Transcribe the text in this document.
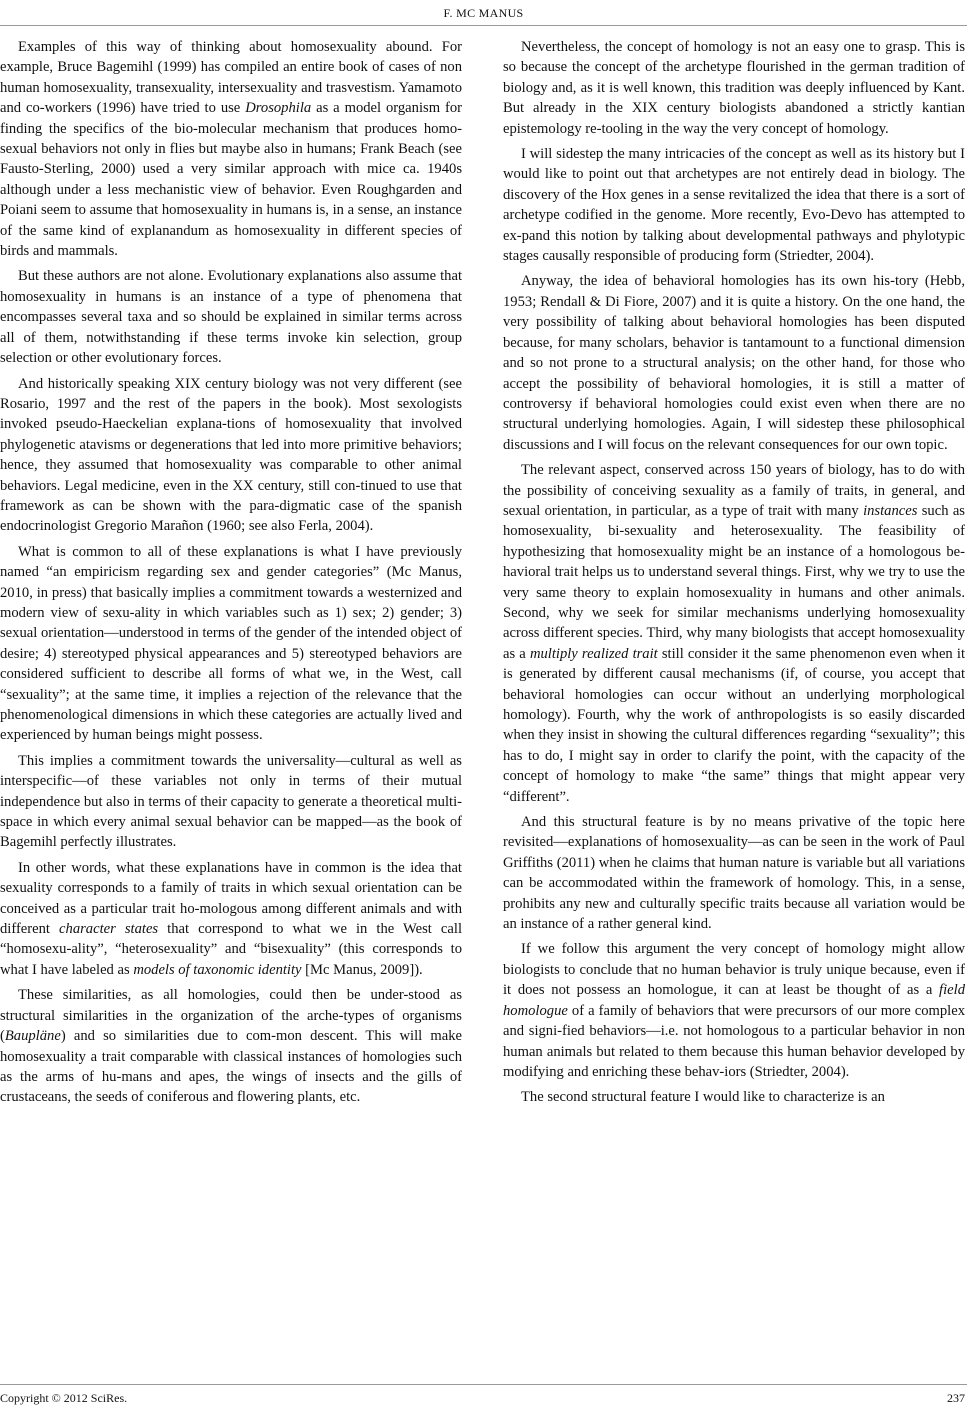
F. MC MANUS

Examples of this way of thinking about homosexuality abound. For example, Bruce Bagemihl (1999) has compiled an entire book of cases of non human homosexuality, transexuality, intersexuality and trasvestism. Yamamoto and co-workers (1996) have tried to use Drosophila as a model organism for finding the specifics of the bio-molecular mechanism that produces homo-sexual behaviors not only in flies but maybe also in humans; Frank Beach (see Fausto-Sterling, 2000) used a very similar approach with mice ca. 1940s although under a less mechanistic view of behavior. Even Roughgarden and Poiani seem to assume that homosexuality in humans is, in a sense, an instance of the same kind of explanandum as homosexuality in different species of birds and mammals.

But these authors are not alone. Evolutionary explanations also assume that homosexuality in humans is an instance of a type of phenomena that encompasses several taxa and so should be explained in similar terms across all of them, notwithstanding if these terms invoke kin selection, group selection or other evolutionary forces.

And historically speaking XIX century biology was not very different (see Rosario, 1997 and the rest of the papers in the book). Most sexologists invoked pseudo-Haeckelian explana-tions of homosexuality that involved phylogenetic atavisms or degenerations that led into more primitive behaviors; hence, they assumed that homosexuality was comparable to other animal behaviors. Legal medicine, even in the XX century, still con-tinued to use that framework as can be shown with the para-digmatic case of the spanish endocrinologist Gregorio Marañon (1960; see also Ferla, 2004).

What is common to all of these explanations is what I have previously named “an empiricism regarding sex and gender categories” (Mc Manus, 2010, in press) that basically implies a commitment towards a westernized and modern view of sexu-ality in which variables such as 1) sex; 2) gender; 3) sexual orientation—understood in terms of the gender of the intended object of desire; 4) stereotyped physical appearances and 5) stereotyped behaviors are considered sufficient to describe all forms of what we, in the West, call “sexuality”; at the same time, it implies a rejection of the relevance that the phenomenological dimensions in which these categories are actually lived and experienced by human beings might possess.

This implies a commitment towards the universality—cultural as well as interspecific—of these variables not only in terms of their mutual independence but also in terms of their capacity to generate a theoretical multi-space in which every animal sexual behavior can be mapped—as the book of Bagemihl perfectly illustrates.

In other words, what these explanations have in common is the idea that sexuality corresponds to a family of traits in which sexual orientation can be conceived as a particular trait ho-mologous among different animals and with different character states that correspond to what we in the West call “homosexu-ality”, “heterosexuality” and “bisexuality” (this corresponds to what I have labeled as models of taxonomic identity [Mc Manus, 2009]).

These similarities, as all homologies, could then be under-stood as structural similarities in the organization of the arche-types of organisms (Baupläne) and so similarities due to com-mon descent. This will make homosexuality a trait comparable with classical instances of homologies such as the arms of hu-mans and apes, the wings of insects and the gills of crustaceans, the seeds of coniferous and flowering plants, etc.

Nevertheless, the concept of homology is not an easy one to grasp. This is so because the concept of the archetype flourished in the german tradition of biology and, as it is well known, this tradition was deeply influenced by Kant. But already in the XIX century biologists abandoned a strictly kantian epistemology re-tooling in the way the very concept of homology.

I will sidestep the many intricacies of the concept as well as its history but I would like to point out that archetypes are not entirely dead in biology. The discovery of the Hox genes in a sense revitalized the idea that there is a sort of archetype codified in the genome. More recently, Evo-Devo has attempted to ex-pand this notion by talking about developmental pathways and phylotypic stages causally responsible of producing form (Striedter, 2004).

Anyway, the idea of behavioral homologies has its own his-tory (Hebb, 1953; Rendall & Di Fiore, 2007) and it is quite a history. On the one hand, the very possibility of talking about behavioral homologies has been disputed because, for many scholars, behavior is tantamount to a functional dimension and so not prone to a structural analysis; on the other hand, for those who accept the possibility of behavioral homologies, it is still a matter of controversy if behavioral homologies could exist even when there are no structural underlying homologies. Again, I will sidestep these philosophical discussions and I will focus on the relevant consequences for our own topic.

The relevant aspect, conserved across 150 years of biology, has to do with the possibility of conceiving sexuality as a family of traits, in general, and sexual orientation, in particular, as a type of trait with many instances such as homosexuality, bi-sexuality and heterosexuality. The feasibility of hypothesizing that homosexuality might be an instance of a homologous be-havioral trait helps us to understand several things. First, why we try to use the very same theory to explain homosexuality in humans and other animals. Second, why we seek for similar mechanisms underlying homosexuality across different species. Third, why many biologists that accept homosexuality as a multiply realized trait still consider it the same phenomenon even when it is generated by different causal mechanisms (if, of course, you accept that behavioral homologies can occur without an underlying morphological homology). Fourth, why the work of anthropologists is so easily discarded when they insist in showing the cultural differences regarding “sexuality”; this has to do, I might say in order to clarify the point, with the capacity of the concept of homology to make “the same” things that might appear very “different”.

And this structural feature is by no means privative of the topic here revisited—explanations of homosexuality—as can be seen in the work of Paul Griffiths (2011) when he claims that human nature is variable but all variations can be accommodated within the framework of homology. This, in a sense, prohibits any new and culturally specific traits because all variation would be an instance of a rather general kind.

If we follow this argument the very concept of homology might allow biologists to conclude that no human behavior is truly unique because, even if it does not possess an homologue, it can at least be thought of as a field homologue of a family of behaviors that were precursors of our more complex and signi-fied behaviors—i.e. not homologous to a particular behavior in non human animals but related to them because this human behavior developed by modifying and enriching these behav-iors (Striedter, 2004).

The second structural feature I would like to characterize is an

Copyright © 2012 SciRes.	237
